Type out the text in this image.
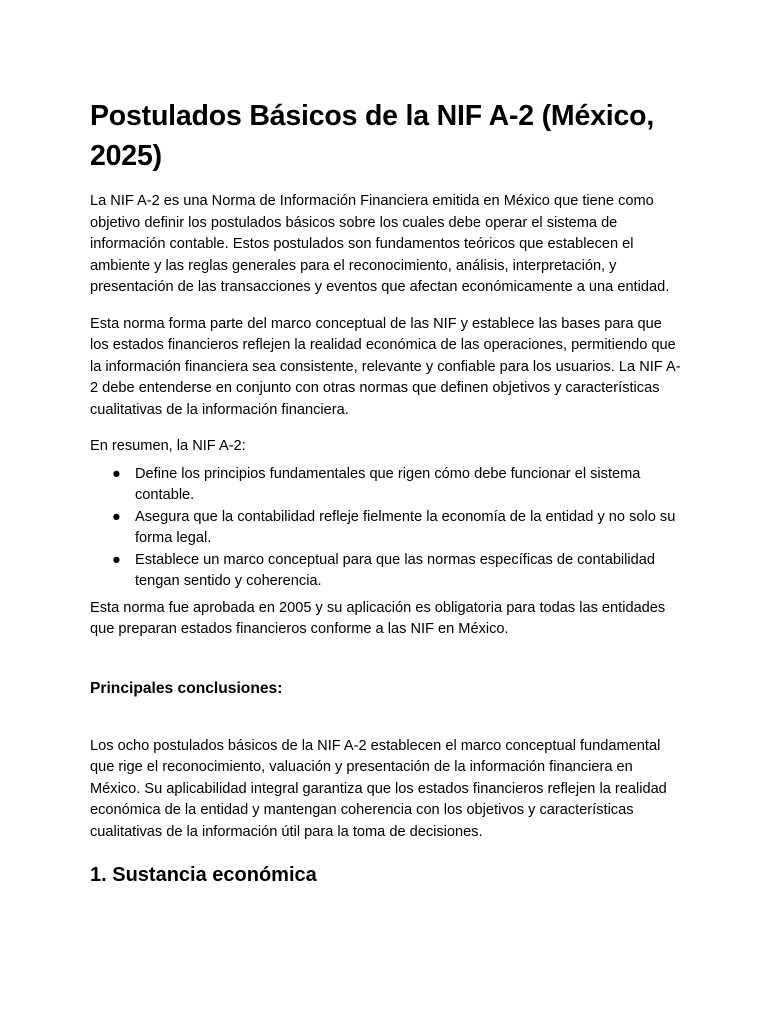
Postulados Básicos de la NIF A-2 (México, 2025)

La NIF A-2 es una Norma de Información Financiera emitida en México que tiene como objetivo definir los postulados básicos sobre los cuales debe operar el sistema de información contable. Estos postulados son fundamentos teóricos que establecen el ambiente y las reglas generales para el reconocimiento, análisis, interpretación, y presentación de las transacciones y eventos que afectan económicamente a una entidad.

Esta norma forma parte del marco conceptual de las NIF y establece las bases para que los estados financieros reflejen la realidad económica de las operaciones, permitiendo que la información financiera sea consistente, relevante y confiable para los usuarios. La NIF A-2 debe entenderse en conjunto con otras normas que definen objetivos y características cualitativas de la información financiera.

En resumen, la NIF A-2:

● Define los principios fundamentales que rigen cómo debe funcionar el sistema contable.
● Asegura que la contabilidad refleje fielmente la economía de la entidad y no solo su forma legal.
● Establece un marco conceptual para que las normas específicas de contabilidad tengan sentido y coherencia.

Esta norma fue aprobada en 2005 y su aplicación es obligatoria para todas las entidades que preparan estados financieros conforme a las NIF en México.

Principales conclusiones:

Los ocho postulados básicos de la NIF A-2 establecen el marco conceptual fundamental que rige el reconocimiento, valuación y presentación de la información financiera en México. Su aplicabilidad integral garantiza que los estados financieros reflejen la realidad económica de la entidad y mantengan coherencia con los objetivos y características cualitativas de la información útil para la toma de decisiones.

1. Sustancia económica
